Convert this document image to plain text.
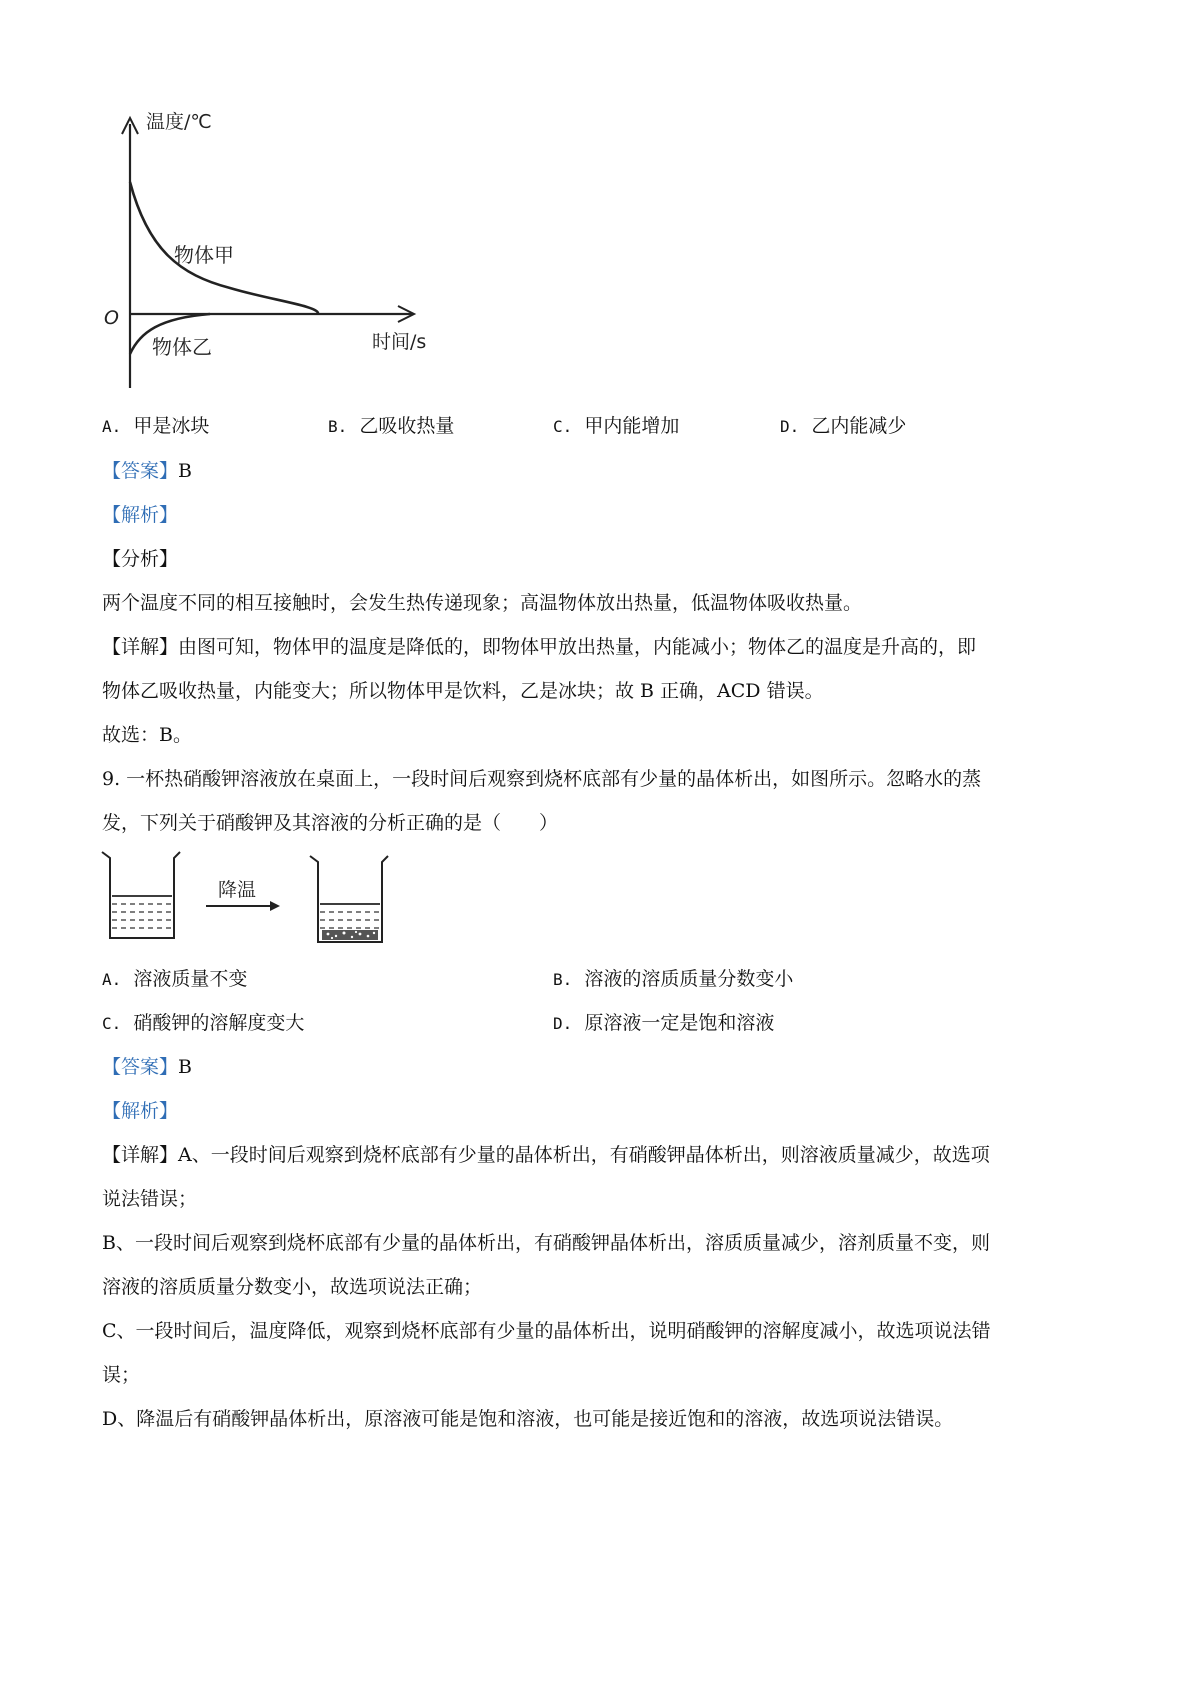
温度/℃
O
时间/s
物体甲
物体乙
A. 甲是冰块	B. 乙吸收热量	C. 甲内能增加	D. 乙内能减少
【答案】B
【解析】
【分析】
两个温度不同的相互接触时，会发生热传递现象；高温物体放出热量，低温物体吸收热量。
【详解】由图可知，物体甲的温度是降低的，即物体甲放出热量，内能减小；物体乙的温度是升高的，即
物体乙吸收热量，内能变大；所以物体甲是饮料，乙是冰块；故 B 正确，ACD 错误。
故选：B。
9. 一杯热硝酸钾溶液放在桌面上，一段时间后观察到烧杯底部有少量的晶体析出，如图所示。忽略水的蒸
发，下列关于硝酸钾及其溶液的分析正确的是（　　）
降温
A. 溶液质量不变	B. 溶液的溶质质量分数变小
C. 硝酸钾的溶解度变大	D. 原溶液一定是饱和溶液
【答案】B
【解析】
【详解】A、一段时间后观察到烧杯底部有少量的晶体析出，有硝酸钾晶体析出，则溶液质量减少，故选项
说法错误；
B、一段时间后观察到烧杯底部有少量的晶体析出，有硝酸钾晶体析出，溶质质量减少，溶剂质量不变，则
溶液的溶质质量分数变小，故选项说法正确；
C、一段时间后，温度降低，观察到烧杯底部有少量的晶体析出，说明硝酸钾的溶解度减小，故选项说法错
误；
D、降温后有硝酸钾晶体析出，原溶液可能是饱和溶液，也可能是接近饱和的溶液，故选项说法错误。
